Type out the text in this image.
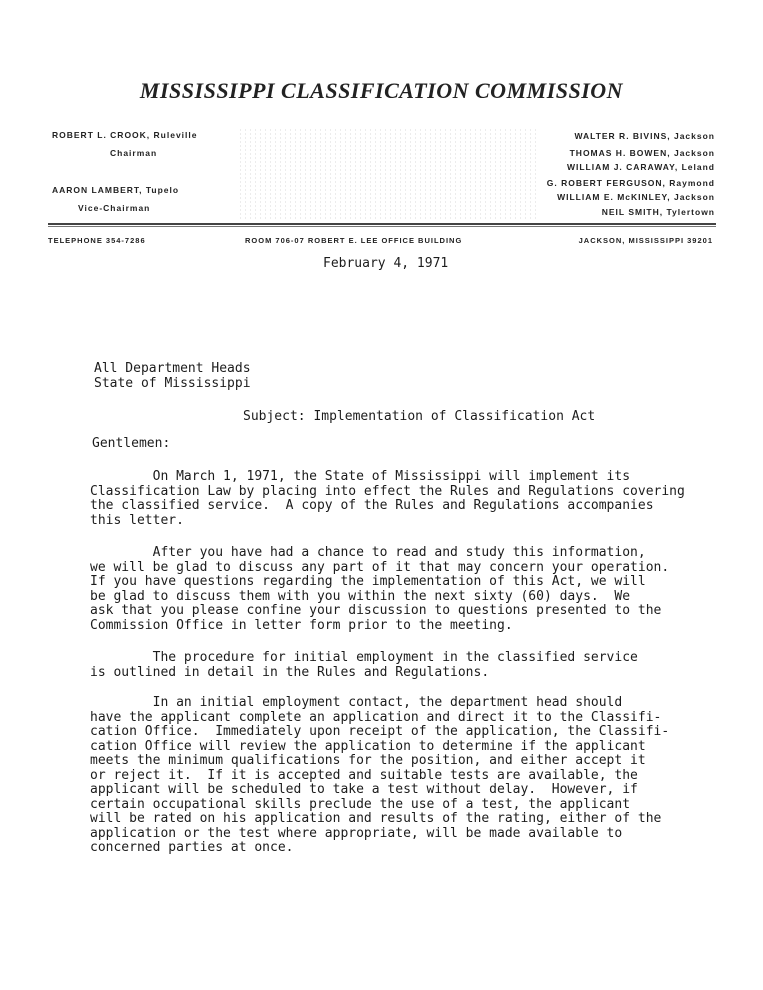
MISSISSIPPI CLASSIFICATION COMMISSION
ROBERT L. CROOK, Ruleville
Chairman
AARON LAMBERT, Tupelo
Vice-Chairman
WALTER R. BIVINS, Jackson
THOMAS H. BOWEN, Jackson
WILLIAM J. CARAWAY, Leland
G. ROBERT FERGUSON, Raymond
WILLIAM E. McKINLEY, Jackson
NEIL SMITH, Tylertown
TELEPHONE 354-7286	ROOM 706-07 ROBERT E. LEE OFFICE BUILDING	JACKSON, MISSISSIPPI 39201
February 4, 1971
All Department Heads
State of Mississippi
Subject: Implementation of Classification Act
Gentlemen:
On March 1, 1971, the State of Mississippi will implement its
Classification Law by placing into effect the Rules and Regulations covering
the classified service.  A copy of the Rules and Regulations accompanies
this letter.
After you have had a chance to read and study this information,
we will be glad to discuss any part of it that may concern your operation.
If you have questions regarding the implementation of this Act, we will
be glad to discuss them with you within the next sixty (60) days.  We
ask that you please confine your discussion to questions presented to the
Commission Office in letter form prior to the meeting.
The procedure for initial employment in the classified service
is outlined in detail in the Rules and Regulations.
In an initial employment contact, the department head should
have the applicant complete an application and direct it to the Classifi-
cation Office.  Immediately upon receipt of the application, the Classifi-
cation Office will review the application to determine if the applicant
meets the minimum qualifications for the position, and either accept it
or reject it.  If it is accepted and suitable tests are available, the
applicant will be scheduled to take a test without delay.  However, if
certain occupational skills preclude the use of a test, the applicant
will be rated on his application and results of the rating, either of the
application or the test where appropriate, will be made available to
concerned parties at once.
